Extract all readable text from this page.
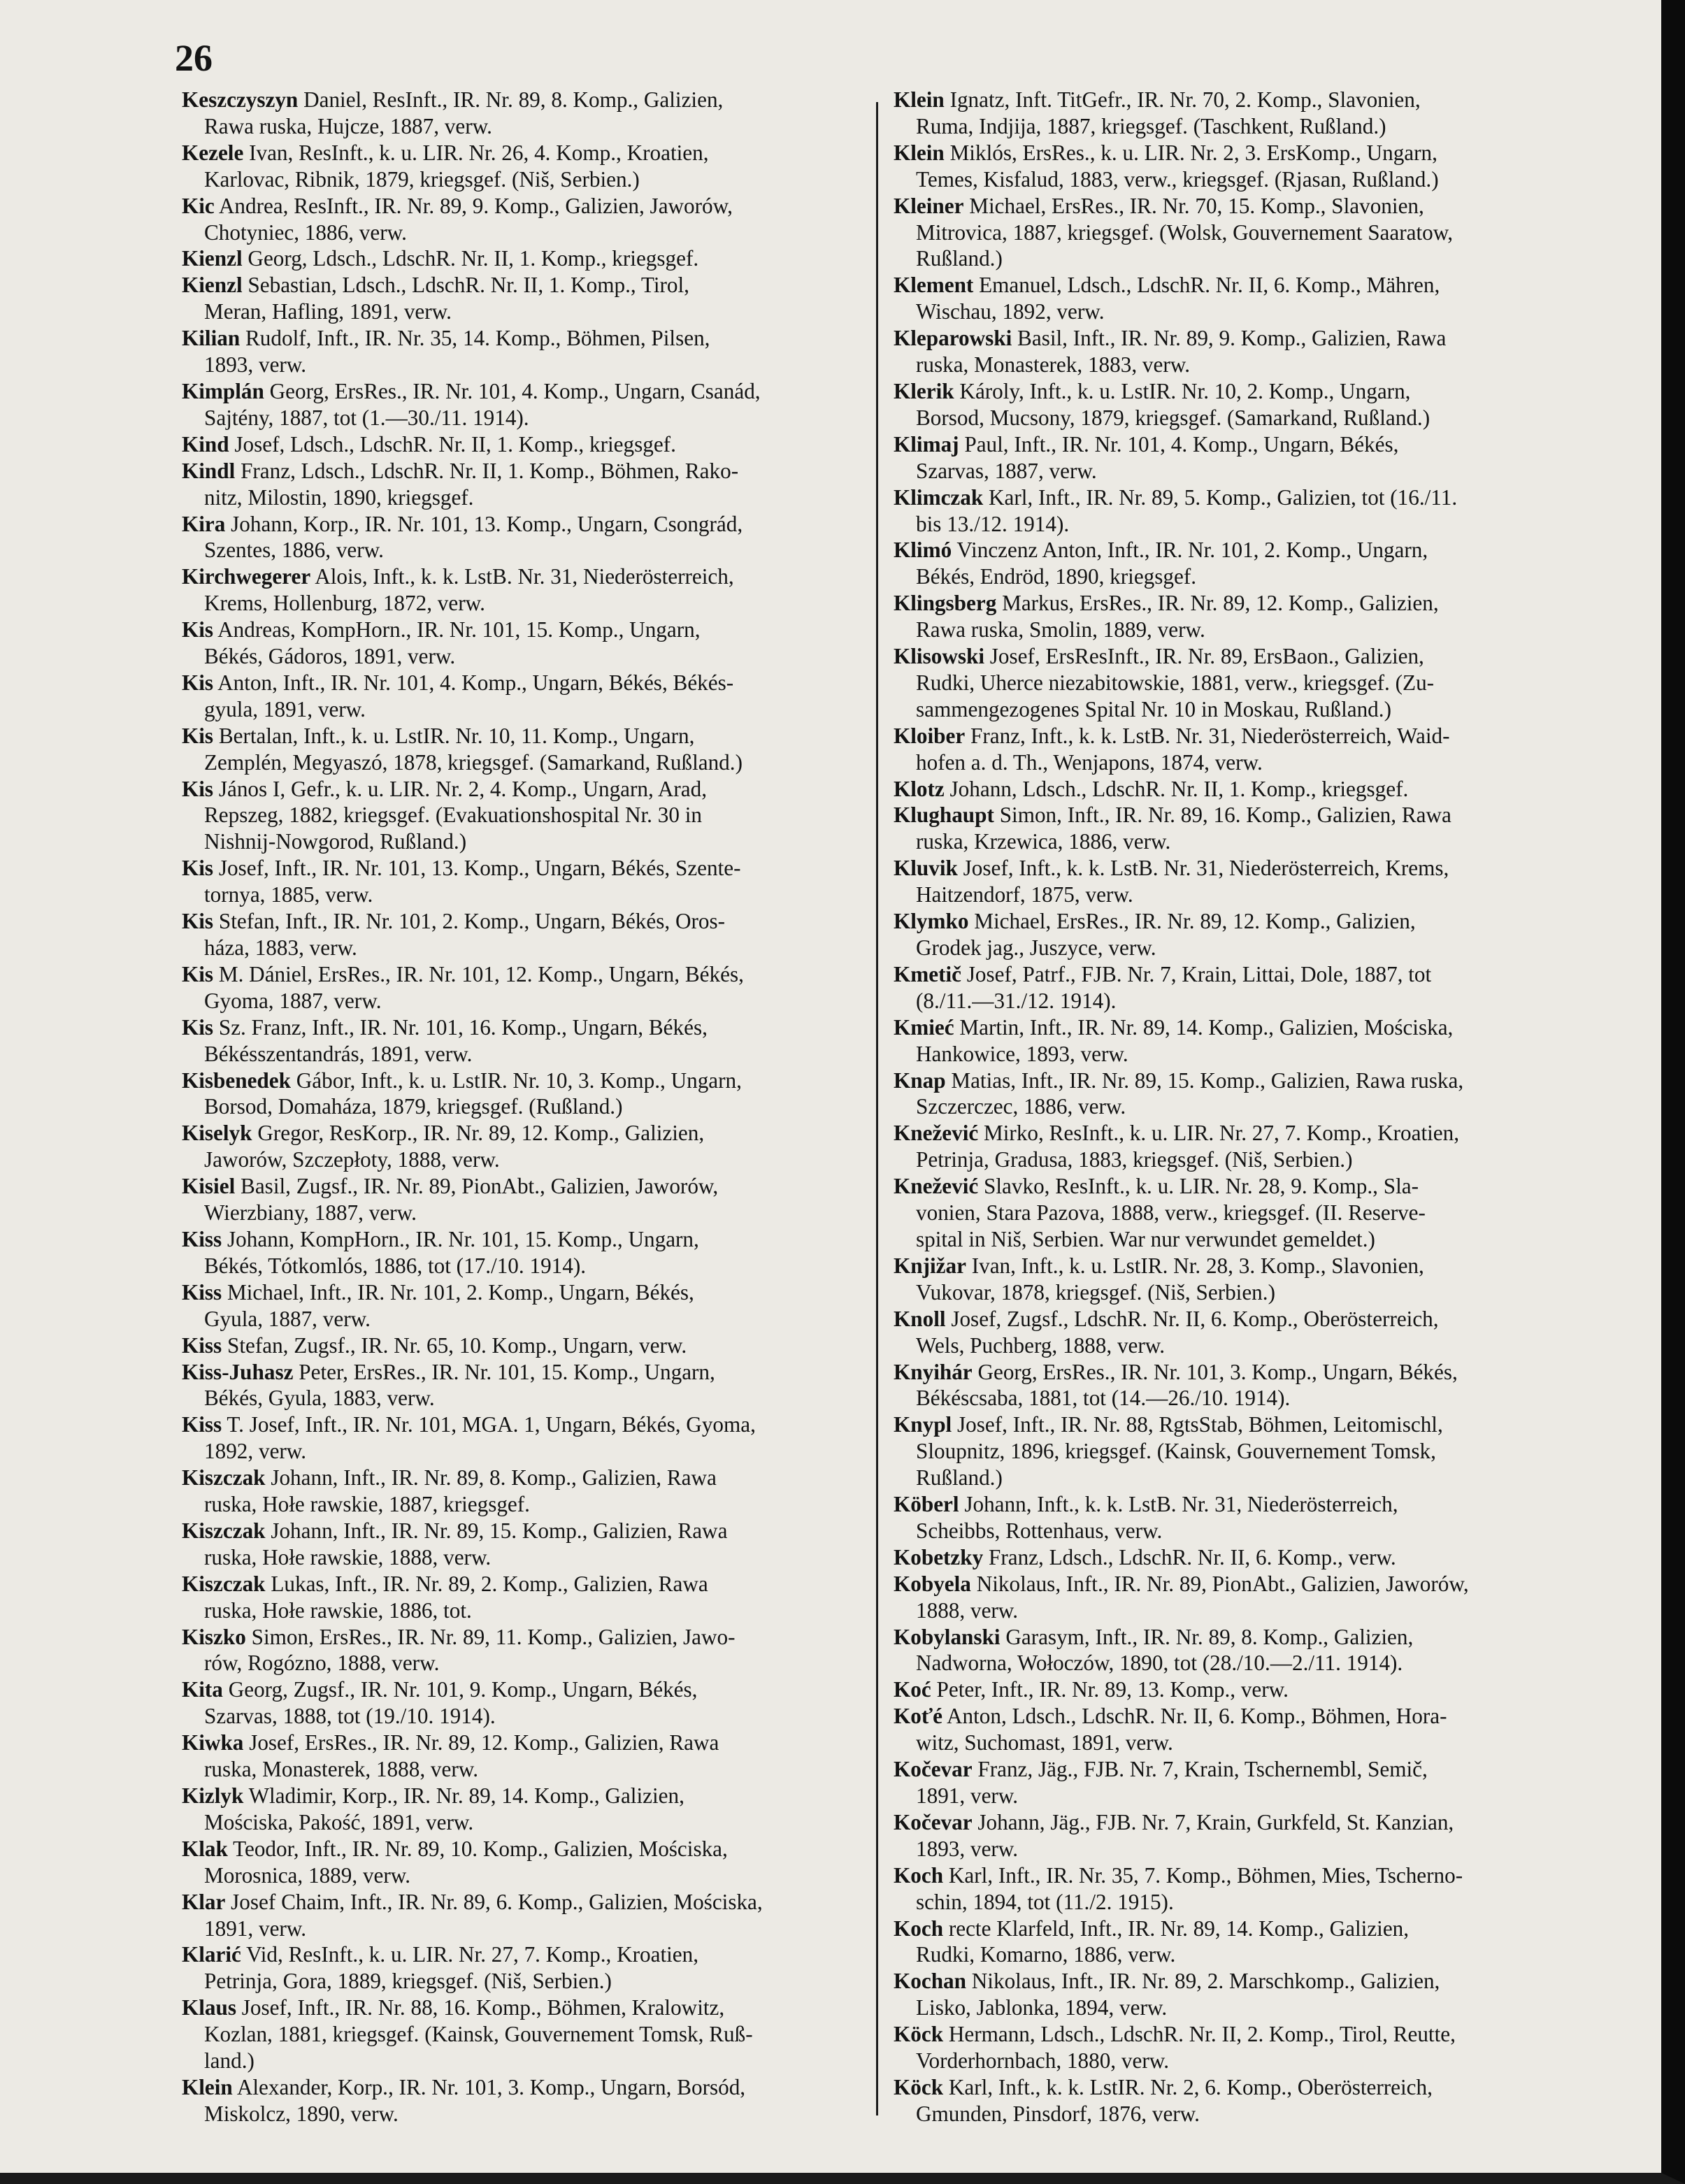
26
Keszczyszyn Daniel, ResInft., IR. Nr. 89, 8. Komp., Galizien,
Rawa ruska, Hujcze, 1887, verw.
Kezele Ivan, ResInft., k. u. LIR. Nr. 26, 4. Komp., Kroatien,
Karlovac, Ribnik, 1879, kriegsgef. (Niš, Serbien.)
Kic Andrea, ResInft., IR. Nr. 89, 9. Komp., Galizien, Jaworów,
Chotyniec, 1886, verw.
Kienzl Georg, Ldsch., LdschR. Nr. II, 1. Komp., kriegsgef.
Kienzl Sebastian, Ldsch., LdschR. Nr. II, 1. Komp., Tirol,
Meran, Hafling, 1891, verw.
Kilian Rudolf, Inft., IR. Nr. 35, 14. Komp., Böhmen, Pilsen,
1893, verw.
Kimplán Georg, ErsRes., IR. Nr. 101, 4. Komp., Ungarn, Csanád,
Sajtény, 1887, tot (1.—30./11. 1914).
Kind Josef, Ldsch., LdschR. Nr. II, 1. Komp., kriegsgef.
Kindl Franz, Ldsch., LdschR. Nr. II, 1. Komp., Böhmen, Rako-
nitz, Milostin, 1890, kriegsgef.
Kira Johann, Korp., IR. Nr. 101, 13. Komp., Ungarn, Csongrád,
Szentes, 1886, verw.
Kirchwegerer Alois, Inft., k. k. LstB. Nr. 31, Niederösterreich,
Krems, Hollenburg, 1872, verw.
Kis Andreas, KompHorn., IR. Nr. 101, 15. Komp., Ungarn,
Békés, Gádoros, 1891, verw.
Kis Anton, Inft., IR. Nr. 101, 4. Komp., Ungarn, Békés, Békés-
gyula, 1891, verw.
Kis Bertalan, Inft., k. u. LstIR. Nr. 10, 11. Komp., Ungarn,
Zemplén, Megyaszó, 1878, kriegsgef. (Samarkand, Rußland.)
Kis János I, Gefr., k. u. LIR. Nr. 2, 4. Komp., Ungarn, Arad,
Repszeg, 1882, kriegsgef. (Evakuationshospital Nr. 30 in
Nishnij-Nowgorod, Rußland.)
Kis Josef, Inft., IR. Nr. 101, 13. Komp., Ungarn, Békés, Szente-
tornya, 1885, verw.
Kis Stefan, Inft., IR. Nr. 101, 2. Komp., Ungarn, Békés, Oros-
háza, 1883, verw.
Kis M. Dániel, ErsRes., IR. Nr. 101, 12. Komp., Ungarn, Békés,
Gyoma, 1887, verw.
Kis Sz. Franz, Inft., IR. Nr. 101, 16. Komp., Ungarn, Békés,
Békésszentandrás, 1891, verw.
Kisbenedek Gábor, Inft., k. u. LstIR. Nr. 10, 3. Komp., Ungarn,
Borsod, Domaháza, 1879, kriegsgef. (Rußland.)
Kiselyk Gregor, ResKorp., IR. Nr. 89, 12. Komp., Galizien,
Jaworów, Szczepłoty, 1888, verw.
Kisiel Basil, Zugsf., IR. Nr. 89, PionAbt., Galizien, Jaworów,
Wierzbiany, 1887, verw.
Kiss Johann, KompHorn., IR. Nr. 101, 15. Komp., Ungarn,
Békés, Tótkomlós, 1886, tot (17./10. 1914).
Kiss Michael, Inft., IR. Nr. 101, 2. Komp., Ungarn, Békés,
Gyula, 1887, verw.
Kiss Stefan, Zugsf., IR. Nr. 65, 10. Komp., Ungarn, verw.
Kiss-Juhasz Peter, ErsRes., IR. Nr. 101, 15. Komp., Ungarn,
Békés, Gyula, 1883, verw.
Kiss T. Josef, Inft., IR. Nr. 101, MGA. 1, Ungarn, Békés, Gyoma,
1892, verw.
Kiszczak Johann, Inft., IR. Nr. 89, 8. Komp., Galizien, Rawa
ruska, Hołe rawskie, 1887, kriegsgef.
Kiszczak Johann, Inft., IR. Nr. 89, 15. Komp., Galizien, Rawa
ruska, Hołe rawskie, 1888, verw.
Kiszczak Lukas, Inft., IR. Nr. 89, 2. Komp., Galizien, Rawa
ruska, Hołe rawskie, 1886, tot.
Kiszko Simon, ErsRes., IR. Nr. 89, 11. Komp., Galizien, Jawo-
rów, Rogózno, 1888, verw.
Kita Georg, Zugsf., IR. Nr. 101, 9. Komp., Ungarn, Békés,
Szarvas, 1888, tot (19./10. 1914).
Kiwka Josef, ErsRes., IR. Nr. 89, 12. Komp., Galizien, Rawa
ruska, Monasterek, 1888, verw.
Kizlyk Wladimir, Korp., IR. Nr. 89, 14. Komp., Galizien,
Mościska, Pakość, 1891, verw.
Klak Teodor, Inft., IR. Nr. 89, 10. Komp., Galizien, Mościska,
Morosnica, 1889, verw.
Klar Josef Chaim, Inft., IR. Nr. 89, 6. Komp., Galizien, Mościska,
1891, verw.
Klarić Vid, ResInft., k. u. LIR. Nr. 27, 7. Komp., Kroatien,
Petrinja, Gora, 1889, kriegsgef. (Niš, Serbien.)
Klaus Josef, Inft., IR. Nr. 88, 16. Komp., Böhmen, Kralowitz,
Kozlan, 1881, kriegsgef. (Kainsk, Gouvernement Tomsk, Ruß-
land.)
Klein Alexander, Korp., IR. Nr. 101, 3. Komp., Ungarn, Borsód,
Miskolcz, 1890, verw.
Klein Ignatz, Inft. TitGefr., IR. Nr. 70, 2. Komp., Slavonien,
Ruma, Indjija, 1887, kriegsgef. (Taschkent, Rußland.)
Klein Miklós, ErsRes., k. u. LIR. Nr. 2, 3. ErsKomp., Ungarn,
Temes, Kisfalud, 1883, verw., kriegsgef. (Rjasan, Rußland.)
Kleiner Michael, ErsRes., IR. Nr. 70, 15. Komp., Slavonien,
Mitrovica, 1887, kriegsgef. (Wolsk, Gouvernement Saaratow,
Rußland.)
Klement Emanuel, Ldsch., LdschR. Nr. II, 6. Komp., Mähren,
Wischau, 1892, verw.
Kleparowski Basil, Inft., IR. Nr. 89, 9. Komp., Galizien, Rawa
ruska, Monasterek, 1883, verw.
Klerik Károly, Inft., k. u. LstIR. Nr. 10, 2. Komp., Ungarn,
Borsod, Mucsony, 1879, kriegsgef. (Samarkand, Rußland.)
Klimaj Paul, Inft., IR. Nr. 101, 4. Komp., Ungarn, Békés,
Szarvas, 1887, verw.
Klimczak Karl, Inft., IR. Nr. 89, 5. Komp., Galizien, tot (16./11.
bis 13./12. 1914).
Klimó Vinczenz Anton, Inft., IR. Nr. 101, 2. Komp., Ungarn,
Békés, Endröd, 1890, kriegsgef.
Klingsberg Markus, ErsRes., IR. Nr. 89, 12. Komp., Galizien,
Rawa ruska, Smolin, 1889, verw.
Klisowski Josef, ErsResInft., IR. Nr. 89, ErsBaon., Galizien,
Rudki, Uherce niezabitowskie, 1881, verw., kriegsgef. (Zu-
sammengezogenes Spital Nr. 10 in Moskau, Rußland.)
Kloiber Franz, Inft., k. k. LstB. Nr. 31, Niederösterreich, Waid-
hofen a. d. Th., Wenjapons, 1874, verw.
Klotz Johann, Ldsch., LdschR. Nr. II, 1. Komp., kriegsgef.
Klughaupt Simon, Inft., IR. Nr. 89, 16. Komp., Galizien, Rawa
ruska, Krzewica, 1886, verw.
Kluvik Josef, Inft., k. k. LstB. Nr. 31, Niederösterreich, Krems,
Haitzendorf, 1875, verw.
Klymko Michael, ErsRes., IR. Nr. 89, 12. Komp., Galizien,
Grodek jag., Juszyce, verw.
Kmetič Josef, Patrf., FJB. Nr. 7, Krain, Littai, Dole, 1887, tot
(8./11.—31./12. 1914).
Kmieć Martin, Inft., IR. Nr. 89, 14. Komp., Galizien, Mościska,
Hankowice, 1893, verw.
Knap Matias, Inft., IR. Nr. 89, 15. Komp., Galizien, Rawa ruska,
Szczerczec, 1886, verw.
Knežević Mirko, ResInft., k. u. LIR. Nr. 27, 7. Komp., Kroatien,
Petrinja, Gradusa, 1883, kriegsgef. (Niš, Serbien.)
Knežević Slavko, ResInft., k. u. LIR. Nr. 28, 9. Komp., Sla-
vonien, Stara Pazova, 1888, verw., kriegsgef. (II. Reserve-
spital in Niš, Serbien. War nur verwundet gemeldet.)
Knjižar Ivan, Inft., k. u. LstIR. Nr. 28, 3. Komp., Slavonien,
Vukovar, 1878, kriegsgef. (Niš, Serbien.)
Knoll Josef, Zugsf., LdschR. Nr. II, 6. Komp., Oberösterreich,
Wels, Puchberg, 1888, verw.
Knyihár Georg, ErsRes., IR. Nr. 101, 3. Komp., Ungarn, Békés,
Békéscsaba, 1881, tot (14.—26./10. 1914).
Knypl Josef, Inft., IR. Nr. 88, RgtsStab, Böhmen, Leitomischl,
Sloupnitz, 1896, kriegsgef. (Kainsk, Gouvernement Tomsk,
Rußland.)
Köberl Johann, Inft., k. k. LstB. Nr. 31, Niederösterreich,
Scheibbs, Rottenhaus, verw.
Kobetzky Franz, Ldsch., LdschR. Nr. II, 6. Komp., verw.
Kobyela Nikolaus, Inft., IR. Nr. 89, PionAbt., Galizien, Jaworów,
1888, verw.
Kobylanski Garasym, Inft., IR. Nr. 89, 8. Komp., Galizien,
Nadworna, Wołoczów, 1890, tot (28./10.—2./11. 1914).
Koć Peter, Inft., IR. Nr. 89, 13. Komp., verw.
Koťé Anton, Ldsch., LdschR. Nr. II, 6. Komp., Böhmen, Hora-
witz, Suchomast, 1891, verw.
Kočevar Franz, Jäg., FJB. Nr. 7, Krain, Tschernembl, Semič,
1891, verw.
Kočevar Johann, Jäg., FJB. Nr. 7, Krain, Gurkfeld, St. Kanzian,
1893, verw.
Koch Karl, Inft., IR. Nr. 35, 7. Komp., Böhmen, Mies, Tscherno-
schin, 1894, tot (11./2. 1915).
Koch recte Klarfeld, Inft., IR. Nr. 89, 14. Komp., Galizien,
Rudki, Komarno, 1886, verw.
Kochan Nikolaus, Inft., IR. Nr. 89, 2. Marschkomp., Galizien,
Lisko, Jablonka, 1894, verw.
Köck Hermann, Ldsch., LdschR. Nr. II, 2. Komp., Tirol, Reutte,
Vorderhornbach, 1880, verw.
Köck Karl, Inft., k. k. LstIR. Nr. 2, 6. Komp., Oberösterreich,
Gmunden, Pinsdorf, 1876, verw.
